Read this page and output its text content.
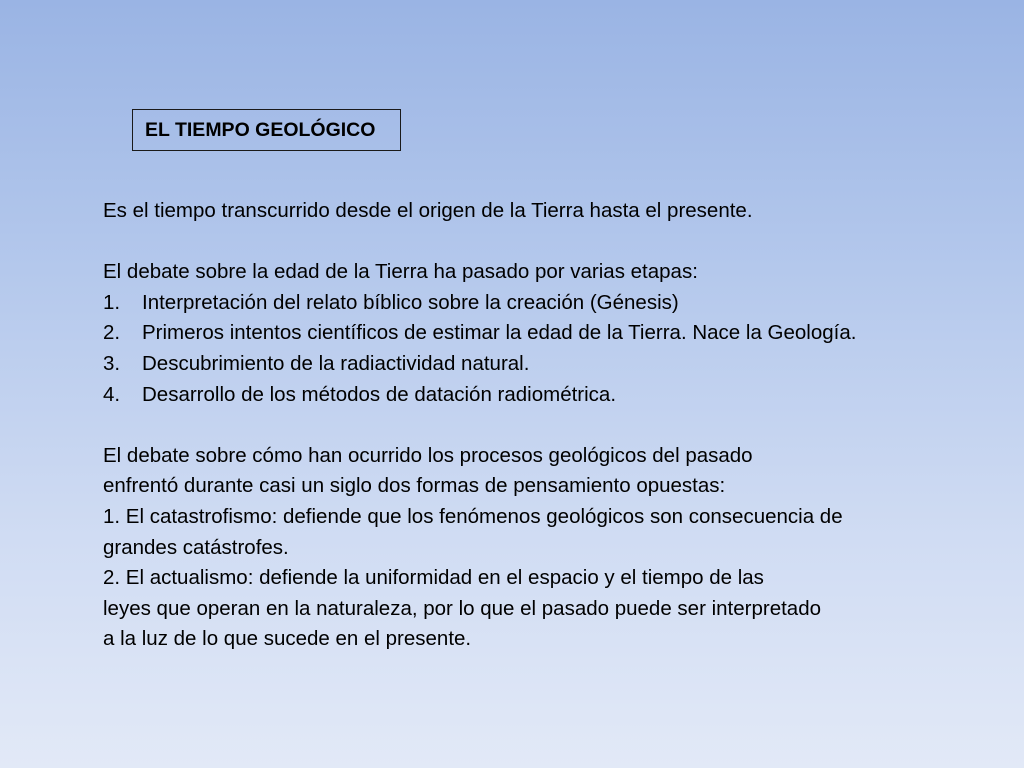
EL TIEMPO GEOLÓGICO
Es el tiempo transcurrido desde el origen de la Tierra hasta el presente.
El debate sobre la edad de la Tierra ha pasado por varias etapas:
1.	Interpretación del relato bíblico sobre la creación (Génesis)
2.	Primeros intentos científicos de estimar la edad de la Tierra. Nace la Geología.
3.	Descubrimiento de la radiactividad natural.
4.	Desarrollo de los métodos de datación radiométrica.
El debate sobre cómo han ocurrido los procesos geológicos del pasado
enfrentó durante casi un siglo dos formas de pensamiento opuestas:
1. El catastrofismo: defiende que los fenómenos geológicos son consecuencia de
grandes catástrofes.
2. El actualismo: defiende la uniformidad en el espacio y el tiempo de las
leyes que operan en la naturaleza, por lo que el pasado puede ser interpretado
a la luz de lo que sucede en el presente.
